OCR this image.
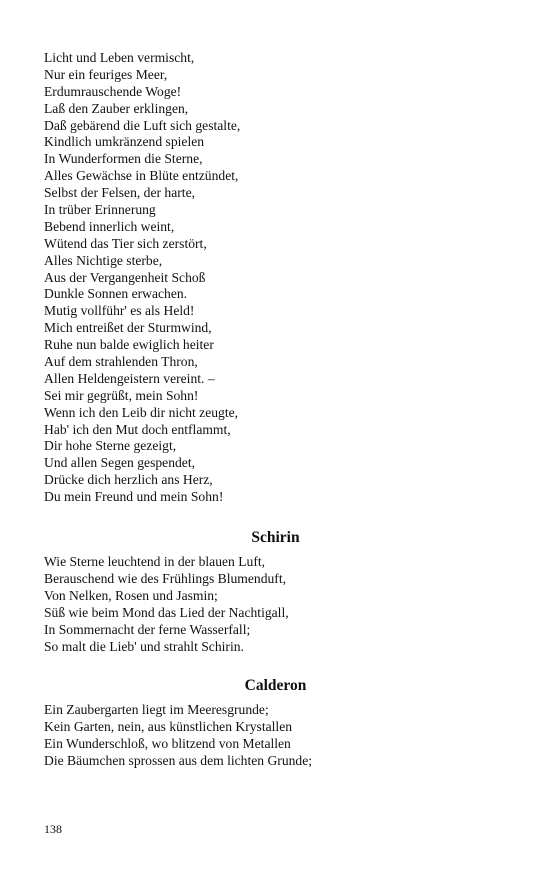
Licht und Leben vermischt,
Nur ein feuriges Meer,
Erdumrauschende Woge!
Laß den Zauber erklingen,
Daß gebärend die Luft sich gestalte,
Kindlich umkränzend spielen
In Wunderformen die Sterne,
Alles Gewächse in Blüte entzündet,
Selbst der Felsen, der harte,
In trüber Erinnerung
Bebend innerlich weint,
Wütend das Tier sich zerstört,
Alles Nichtige sterbe,
Aus der Vergangenheit Schoß
Dunkle Sonnen erwachen.
Mutig vollführ' es als Held!
Mich entreißet der Sturmwind,
Ruhe nun balde ewiglich heiter
Auf dem strahlenden Thron,
Allen Heldengeistern vereint. –
Sei mir gegrüßt, mein Sohn!
Wenn ich den Leib dir nicht zeugte,
Hab' ich den Mut doch entflammt,
Dir hohe Sterne gezeigt,
Und allen Segen gespendet,
Drücke dich herzlich ans Herz,
Du mein Freund und mein Sohn!
Schirin
Wie Sterne leuchtend in der blauen Luft,
Berauschend wie des Frühlings Blumenduft,
Von Nelken, Rosen und Jasmin;
Süß wie beim Mond das Lied der Nachtigall,
In Sommernacht der ferne Wasserfall;
So malt die Lieb' und strahlt Schirin.
Calderon
Ein Zaubergarten liegt im Meeresgrunde;
Kein Garten, nein, aus künstlichen Krystallen
Ein Wunderschloß, wo blitzend von Metallen
Die Bäumchen sprossen aus dem lichten Grunde;
138
